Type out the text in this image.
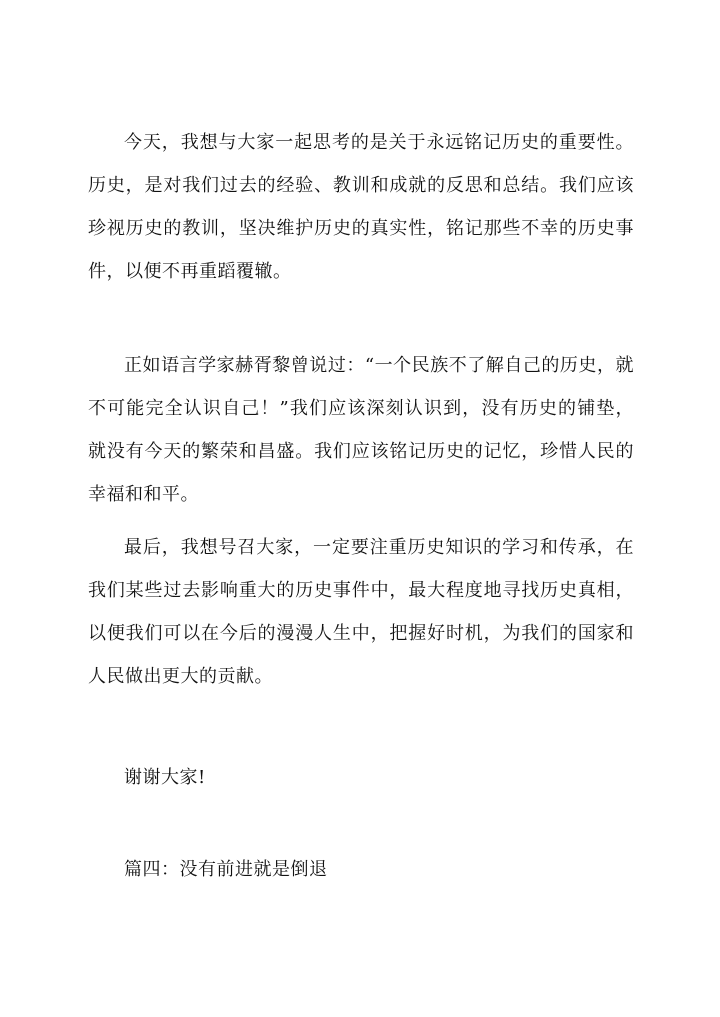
今天，我想与大家一起思考的是关于永远铭记历史的重要性。历史，是对我们过去的经验、教训和成就的反思和总结。我们应该珍视历史的教训，坚决维护历史的真实性，铭记那些不幸的历史事件，以便不再重蹈覆辙。

正如语言学家赫胥黎曾说过：“一个民族不了解自己的历史，就不可能完全认识自己！”我们应该深刻认识到，没有历史的铺垫，就没有今天的繁荣和昌盛。我们应该铭记历史的记忆，珍惜人民的幸福和和平。

最后，我想号召大家，一定要注重历史知识的学习和传承，在我们某些过去影响重大的历史事件中，最大程度地寻找历史真相，以便我们可以在今后的漫漫人生中，把握好时机，为我们的国家和人民做出更大的贡献。

谢谢大家!

篇四：没有前进就是倒退
